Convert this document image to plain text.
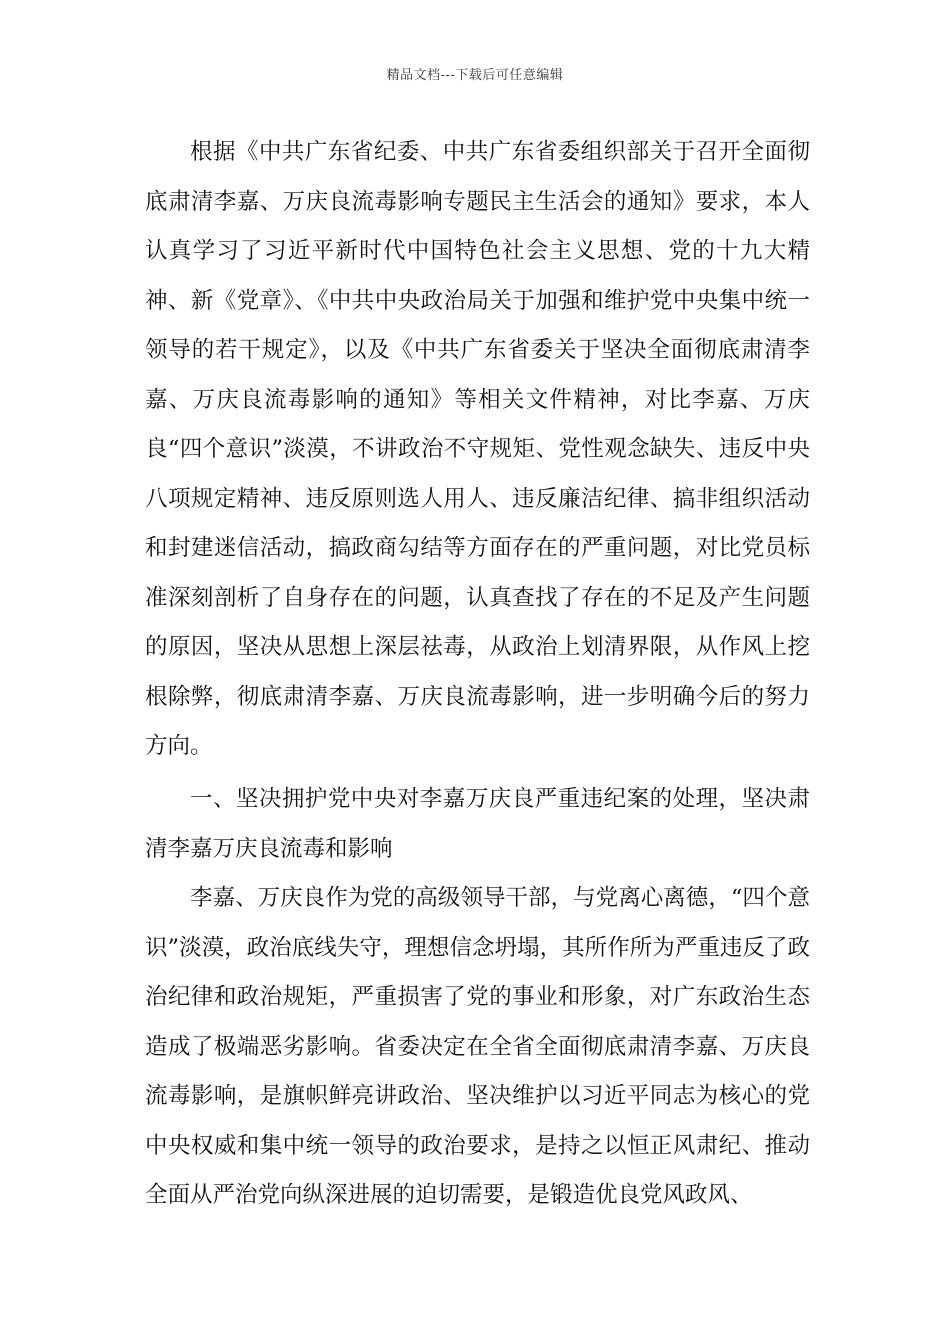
精品文档---下载后可任意编辑

根据《中共广东省纪委、中共广东省委组织部关于召开全面彻底肃清李嘉、万庆良流毒影响专题民主生活会的通知》要求，本人认真学习了习近平新时代中国特色社会主义思想、党的十九大精神、新《党章》、《中共中央政治局关于加强和维护党中央集中统一领导的若干规定》，以及《中共广东省委关于坚决全面彻底肃清李嘉、万庆良流毒影响的通知》等相关文件精神，对比李嘉、万庆良“四个意识”淡漠，不讲政治不守规矩、党性观念缺失、违反中央八项规定精神、违反原则选人用人、违反廉洁纪律、搞非组织活动和封建迷信活动，搞政商勾结等方面存在的严重问题，对比党员标准深刻剖析了自身存在的问题，认真查找了存在的不足及产生问题的原因，坚决从思想上深层祛毒，从政治上划清界限，从作风上挖根除弊，彻底肃清李嘉、万庆良流毒影响，进一步明确今后的努力方向。

一、坚决拥护党中央对李嘉万庆良严重违纪案的处理，坚决肃清李嘉万庆良流毒和影响

李嘉、万庆良作为党的高级领导干部，与党离心离德，“四个意识”淡漠，政治底线失守，理想信念坍塌，其所作所为严重违反了政治纪律和政治规矩，严重损害了党的事业和形象，对广东政治生态造成了极端恶劣影响。省委决定在全省全面彻底肃清李嘉、万庆良流毒影响，是旗帜鲜亮讲政治、坚决维护以习近平同志为核心的党中央权威和集中统一领导的政治要求，是持之以恒正风肃纪、推动全面从严治党向纵深进展的迫切需要，是锻造优良党风政风、
